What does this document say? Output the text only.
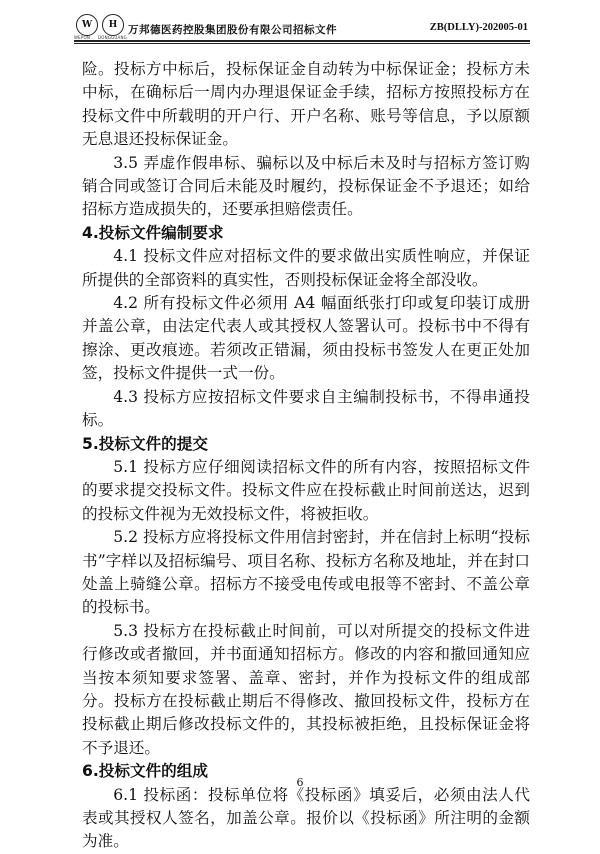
W	H
WEPON DONGGUANG
万邦德医药控股集团股份有限公司招标文件	ZB(DLLY)-202005-01

险。投标方中标后，投标保证金自动转为中标保证金；投标方未中标，在确标后一周内办理退保证金手续，招标方按照投标方在投标文件中所载明的开户行、开户名称、账号等信息，予以原额无息退还投标保证金。

3.5 弄虚作假串标、骗标以及中标后未及时与招标方签订购销合同或签订合同后未能及时履约，投标保证金不予退还；如给招标方造成损失的，还要承担赔偿责任。

4.投标文件编制要求

4.1 投标文件应对招标文件的要求做出实质性响应，并保证所提供的全部资料的真实性，否则投标保证金将全部没收。

4.2 所有投标文件必须用 A4 幅面纸张打印或复印装订成册并盖公章，由法定代表人或其授权人签署认可。投标书中不得有擦涂、更改痕迹。若须改正错漏，须由投标书签发人在更正处加签，投标文件提供一式一份。

4.3 投标方应按招标文件要求自主编制投标书，不得串通投标。

5.投标文件的提交

5.1 投标方应仔细阅读招标文件的所有内容，按照招标文件的要求提交投标文件。投标文件应在投标截止时间前送达，迟到的投标文件视为无效投标文件，将被拒收。

5.2 投标方应将投标文件用信封密封，并在信封上标明“投标书”字样以及招标编号、项目名称、投标方名称及地址，并在封口处盖上骑缝公章。招标方不接受电传或电报等不密封、不盖公章的投标书。

5.3 投标方在投标截止时间前，可以对所提交的投标文件进行修改或者撤回，并书面通知招标方。修改的内容和撤回通知应当按本须知要求签署、盖章、密封，并作为投标文件的组成部分。投标方在投标截止期后不得修改、撤回投标文件，投标方在投标截止期后修改投标文件的，其投标被拒绝，且投标保证金将不予退还。

6.投标文件的组成

6.1 投标函：投标单位将《投标函》填妥后，必须由法人代表或其授权人签名，加盖公章。报价以《投标函》所注明的金额为准。

6
